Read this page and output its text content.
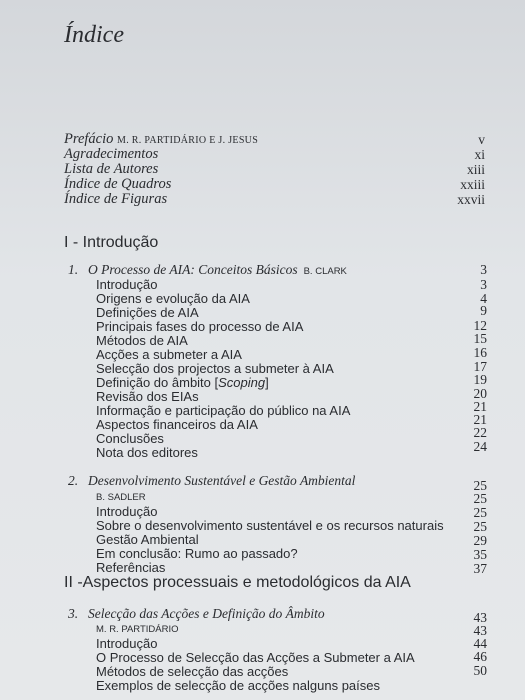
Índice
Prefácio M. R. PARTIDÁRIO E J. JESUS	v
Agradecimentos	xi
Lista de Autores	xiii
Índice de Quadros	xxiii
Índice de Figuras	xxvii
I - Introdução
1. O Processo de AIA: Conceitos Básicos B. CLARK	3
Introdução	3
Origens e evolução da AIA	4
Definições de AIA	9
Principais fases do processo de AIA	12
Métodos de AIA	15
Acções a submeter a AIA	16
Selecção dos projectos a submeter à AIA	17
Definição do âmbito [Scoping]	19
Revisão dos EIAs	20
Informação e participação do público na AIA	21
Aspectos financeiros da AIA	21
Conclusões	22
Nota dos editores	24
2. Desenvolvimento Sustentável e Gestão Ambiental	25
B. SADLER	25
Introdução	25
Sobre o desenvolvimento sustentável e os recursos naturais	25
Gestão Ambiental	29
Em conclusão: Rumo ao passado?	35
Referências	37
II -Aspectos processuais e metodológicos da AIA
3. Selecção das Acções e Definição do Âmbito	43
M. R. PARTIDÁRIO	43
Introdução	44
O Processo de Selecção das Acções a Submeter a AIA	46
Métodos de selecção das acções	50
Exemplos de selecção de acções nalguns países
